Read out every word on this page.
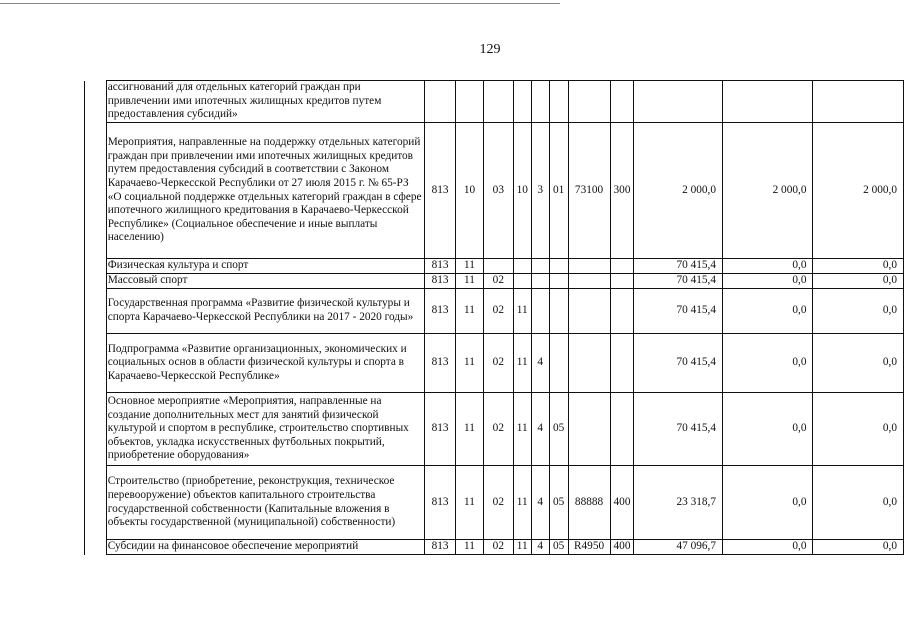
129
	ассигнований для отдельных категорий граждан при привлечении ими ипотечных жилищных кредитов путем предоставления субсидий»											
	Мероприятия, направленные на поддержку отдельных категорий граждан при привлечении ими ипотечных жилищных кредитов путем предоставления субсидий в соответствии с Законом Карачаево-Черкесской Республики от 27 июля 2015 г. № 65-РЗ «О социальной поддержке отдельных категорий граждан в сфере ипотечного жилищного кредитования в Карачаево-Черкесской Республике» (Социальное обеспечение и иные выплаты населению)	813	10	03	10	3	01	73100	300	2 000,0	2 000,0	2 000,0
	Физическая культура и спорт	813	11							70 415,4	0,0	0,0
	Массовый спорт	813	11	02						70 415,4	0,0	0,0
	Государственная программа «Развитие физической культуры и спорта Карачаево-Черкесской Республики на 2017 - 2020 годы»	813	11	02	11					70 415,4	0,0	0,0
	Подпрограмма «Развитие организационных, экономических и социальных основ в области физической культуры и спорта в Карачаево-Черкесской Республике»	813	11	02	11	4				70 415,4	0,0	0,0
	Основное мероприятие «Мероприятия, направленные на создание дополнительных мест для занятий физической культурой и спортом в республике, строительство спортивных объектов, укладка искусственных футбольных покрытий, приобретение оборудования»	813	11	02	11	4	05			70 415,4	0,0	0,0
	Строительство (приобретение, реконструкция, техническое перевооружение) объектов капитального строительства государственной собственности (Капитальные вложения в объекты государственной (муниципальной) собственности)	813	11	02	11	4	05	88888	400	23 318,7	0,0	0,0
	Субсидии на финансовое обеспечение мероприятий	813	11	02	11	4	05	R4950	400	47 096,7	0,0	0,0
